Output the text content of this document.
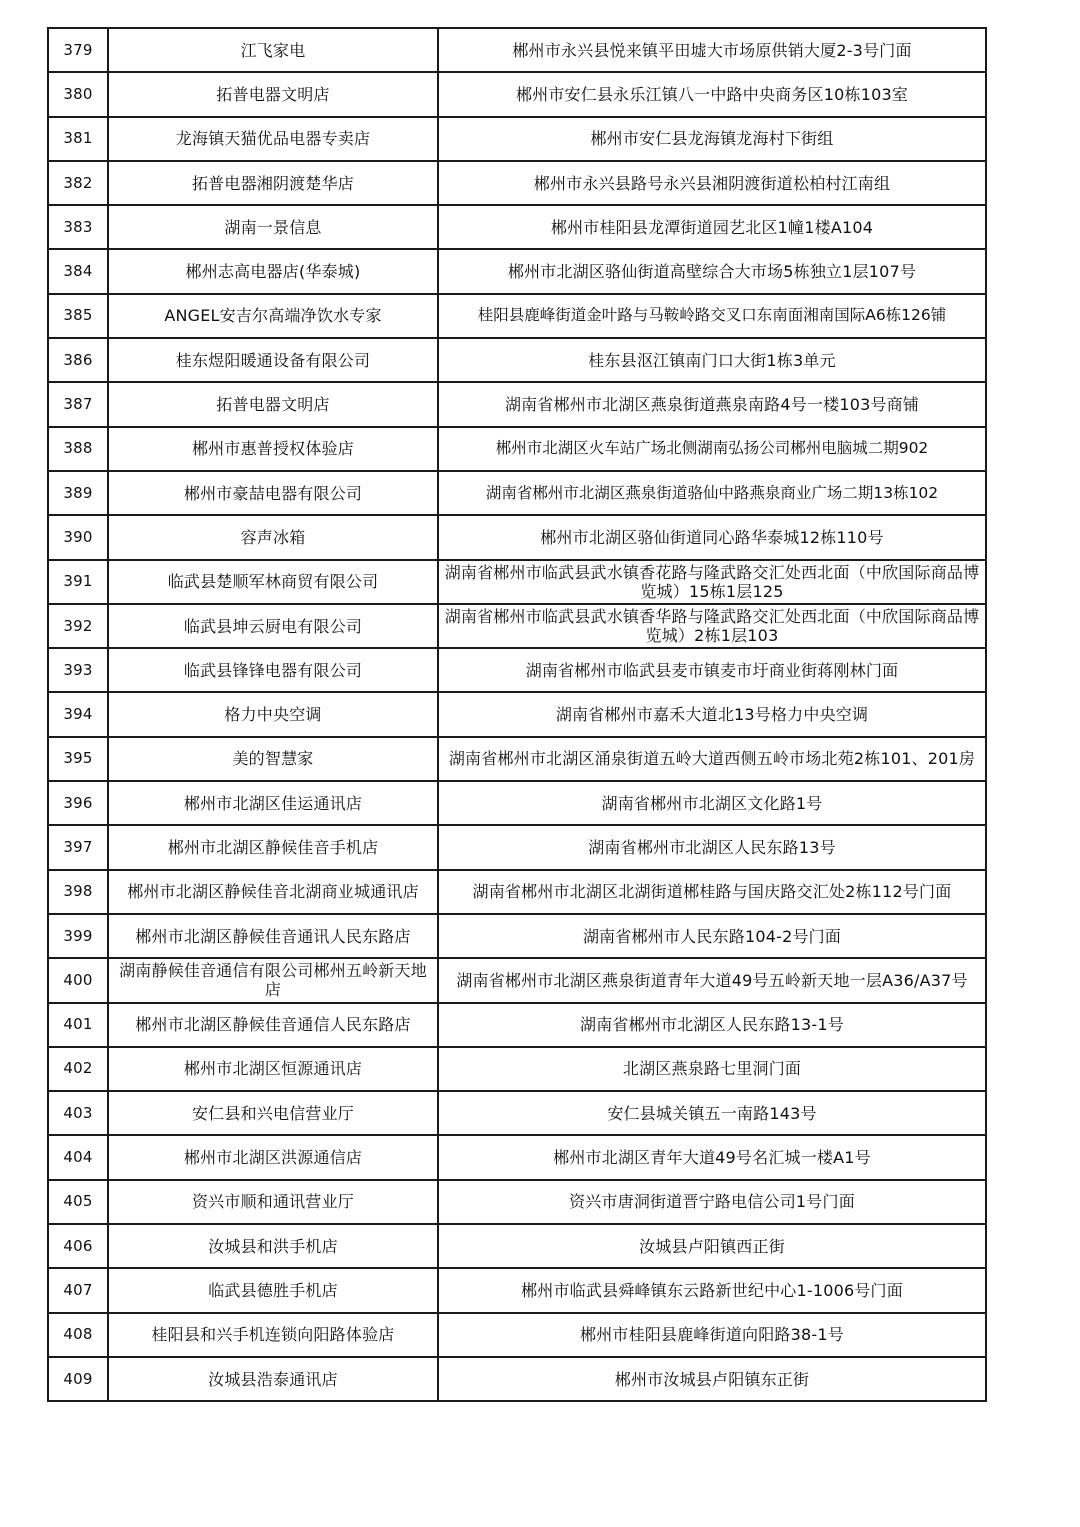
379	江飞家电	郴州市永兴县悦来镇平田墟大市场原供销大厦2-3号门面
380	拓普电器文明店	郴州市安仁县永乐江镇八一中路中央商务区10栋103室
381	龙海镇天猫优品电器专卖店	郴州市安仁县龙海镇龙海村下街组
382	拓普电器湘阴渡楚华店	郴州市永兴县路号永兴县湘阴渡街道松柏村江南组
383	湖南一景信息	郴州市桂阳县龙潭街道园艺北区1幢1楼A104
384	郴州志高电器店(华泰城)	郴州市北湖区骆仙街道高壁综合大市场5栋独立1层107号
385	ANGEL安吉尔高端净饮水专家	桂阳县鹿峰街道金叶路与马鞍岭路交叉口东南面湘南国际A6栋126铺
386	桂东煜阳暖通设备有限公司	桂东县沤江镇南门口大街1栋3单元
387	拓普电器文明店	湖南省郴州市北湖区燕泉街道燕泉南路4号一楼103号商铺
388	郴州市惠普授权体验店	郴州市北湖区火车站广场北侧湖南弘扬公司郴州电脑城二期902
389	郴州市豪喆电器有限公司	湖南省郴州市北湖区燕泉街道骆仙中路燕泉商业广场二期13栋102
390	容声冰箱	郴州市北湖区骆仙街道同心路华泰城12栋110号
391	临武县楚顺军林商贸有限公司	湖南省郴州市临武县武水镇香花路与隆武路交汇处西北面（中欣国际商品博览城）15栋1层125
392	临武县坤云厨电有限公司	湖南省郴州市临武县武水镇香华路与隆武路交汇处西北面（中欣国际商品博览城）2栋1层103
393	临武县锋锋电器有限公司	湖南省郴州市临武县麦市镇麦市圩商业街蒋刚林门面
394	格力中央空调	湖南省郴州市嘉禾大道北13号格力中央空调
395	美的智慧家	湖南省郴州市北湖区涌泉街道五岭大道西侧五岭市场北苑2栋101、201房
396	郴州市北湖区佳运通讯店	湖南省郴州市北湖区文化路1号
397	郴州市北湖区静候佳音手机店	湖南省郴州市北湖区人民东路13号
398	郴州市北湖区静候佳音北湖商业城通讯店	湖南省郴州市北湖区北湖街道郴桂路与国庆路交汇处2栋112号门面
399	郴州市北湖区静候佳音通讯人民东路店	湖南省郴州市人民东路104-2号门面
400	湖南静候佳音通信有限公司郴州五岭新天地店	湖南省郴州市北湖区燕泉街道青年大道49号五岭新天地一层A36/A37号
401	郴州市北湖区静候佳音通信人民东路店	湖南省郴州市北湖区人民东路13-1号
402	郴州市北湖区恒源通讯店	北湖区燕泉路七里洞门面
403	安仁县和兴电信营业厅	安仁县城关镇五一南路143号
404	郴州市北湖区洪源通信店	郴州市北湖区青年大道49号名汇城一楼A1号
405	资兴市顺和通讯营业厅	资兴市唐洞街道晋宁路电信公司1号门面
406	汝城县和洪手机店	汝城县卢阳镇西正街
407	临武县德胜手机店	郴州市临武县舜峰镇东云路新世纪中心1-1006号门面
408	桂阳县和兴手机连锁向阳路体验店	郴州市桂阳县鹿峰街道向阳路38-1号
409	汝城县浩泰通讯店	郴州市汝城县卢阳镇东正街
